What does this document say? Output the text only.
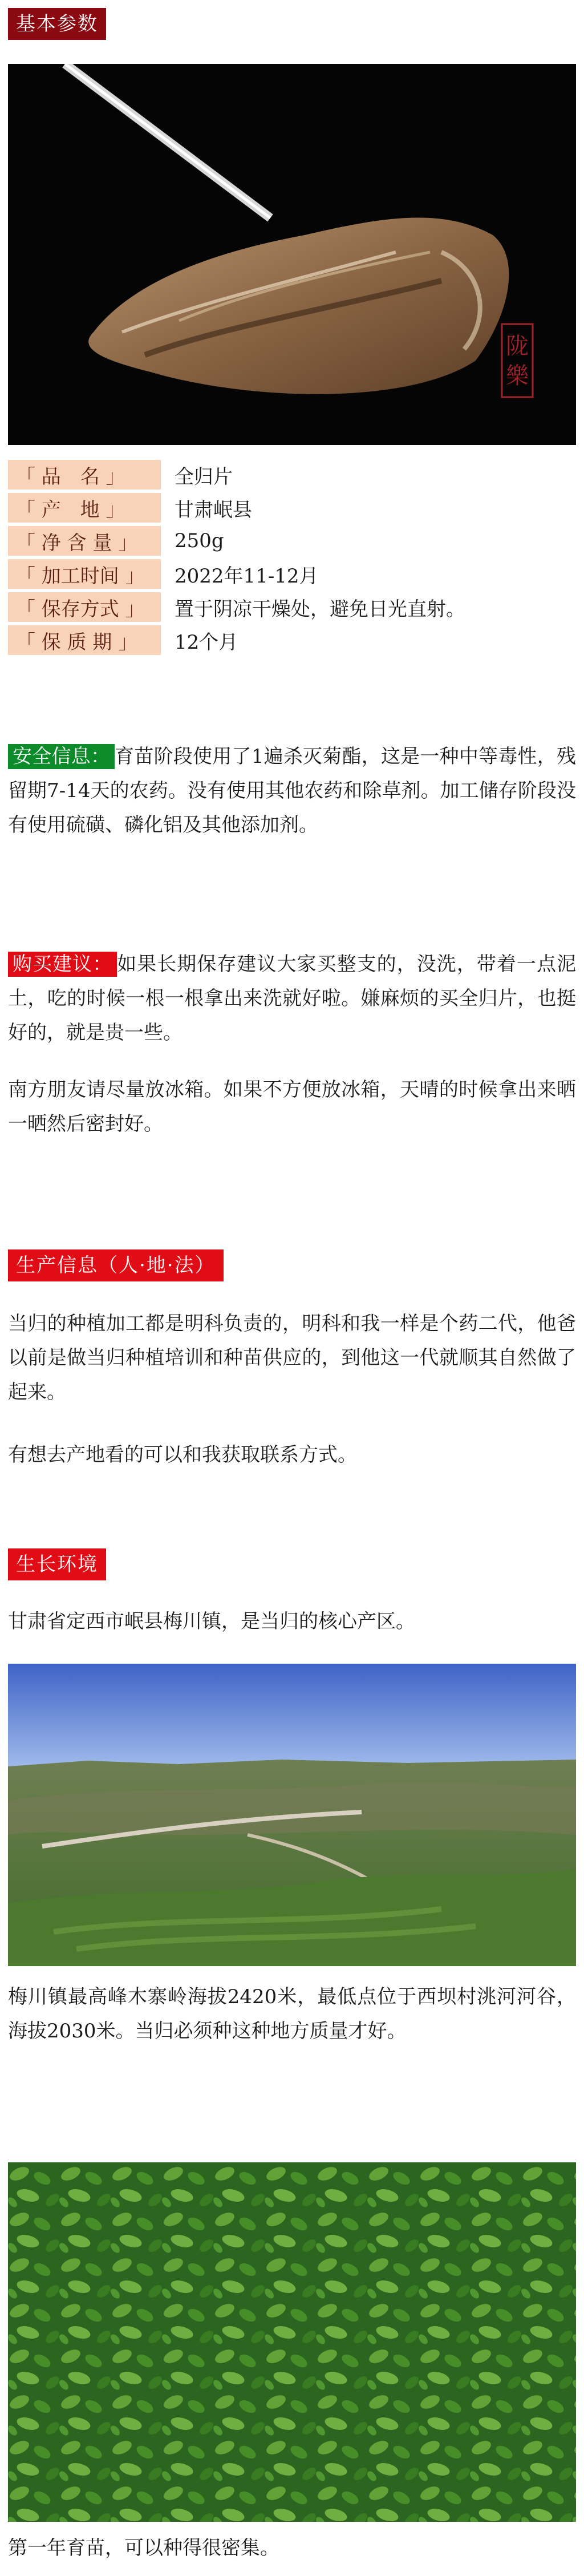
基本参数
陇
樂
「 品　名 」	全归片
「 产　地 」	甘肃岷县
「 净 含 量 」	250g
「 加工时间 」	2022年11-12月
「 保存方式 」	置于阴凉干燥处，避免日光直射。
「 保 质 期 」	12个月

安全信息： 育苗阶段使用了1遍杀灭菊酯，这是一种中等毒性，残留期7-14天的农药。没有使用其他农药和除草剂。加工储存阶段没有使用硫磺、磷化铝及其他添加剂。

购买建议： 如果长期保存建议大家买整支的，没洗，带着一点泥土，吃的时候一根一根拿出来洗就好啦。嫌麻烦的买全归片，也挺好的，就是贵一些。

南方朋友请尽量放冰箱。如果不方便放冰箱，天晴的时候拿出来晒一晒然后密封好。

生产信息（人·地·法）

当归的种植加工都是明科负责的，明科和我一样是个药二代，他爸以前是做当归种植培训和种苗供应的，到他这一代就顺其自然做了起来。

有想去产地看的可以和我获取联系方式。

生长环境

甘肃省定西市岷县梅川镇，是当归的核心产区。

梅川镇最高峰木寨岭海拔2420米，最低点位于西坝村洮河河谷，海拔2030米。当归必须种这种地方质量才好。

第一年育苗，可以种得很密集。
